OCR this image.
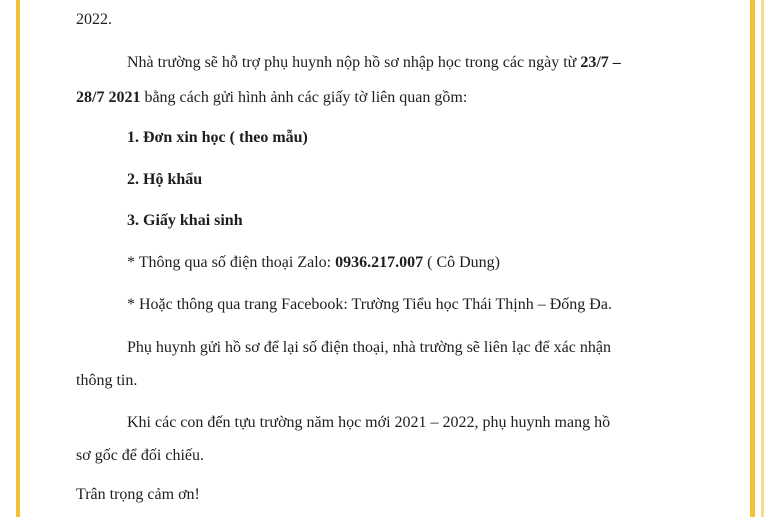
2022.
Nhà trường sẽ hỗ trợ phụ huynh nộp hồ sơ nhập học trong các ngày từ 23/7 –
28/7 2021 bằng cách gửi hình ảnh các giấy tờ liên quan gồm:
1. Đơn xin học ( theo mẫu)
2. Hộ khẩu
3. Giấy khai sinh
* Thông qua số điện thoại Zalo: 0936.217.007 ( Cô Dung)
* Hoặc thông qua trang Facebook: Trường Tiểu học Thái Thịnh – Đống Đa.
Phụ huynh gửi hồ sơ để lại số điện thoại, nhà trường sẽ liên lạc để xác nhận
thông tin.
Khi các con đến tựu trường năm học mới 2021 – 2022, phụ huynh mang hồ
sơ gốc để đối chiếu.
Trân trọng cảm ơn!
